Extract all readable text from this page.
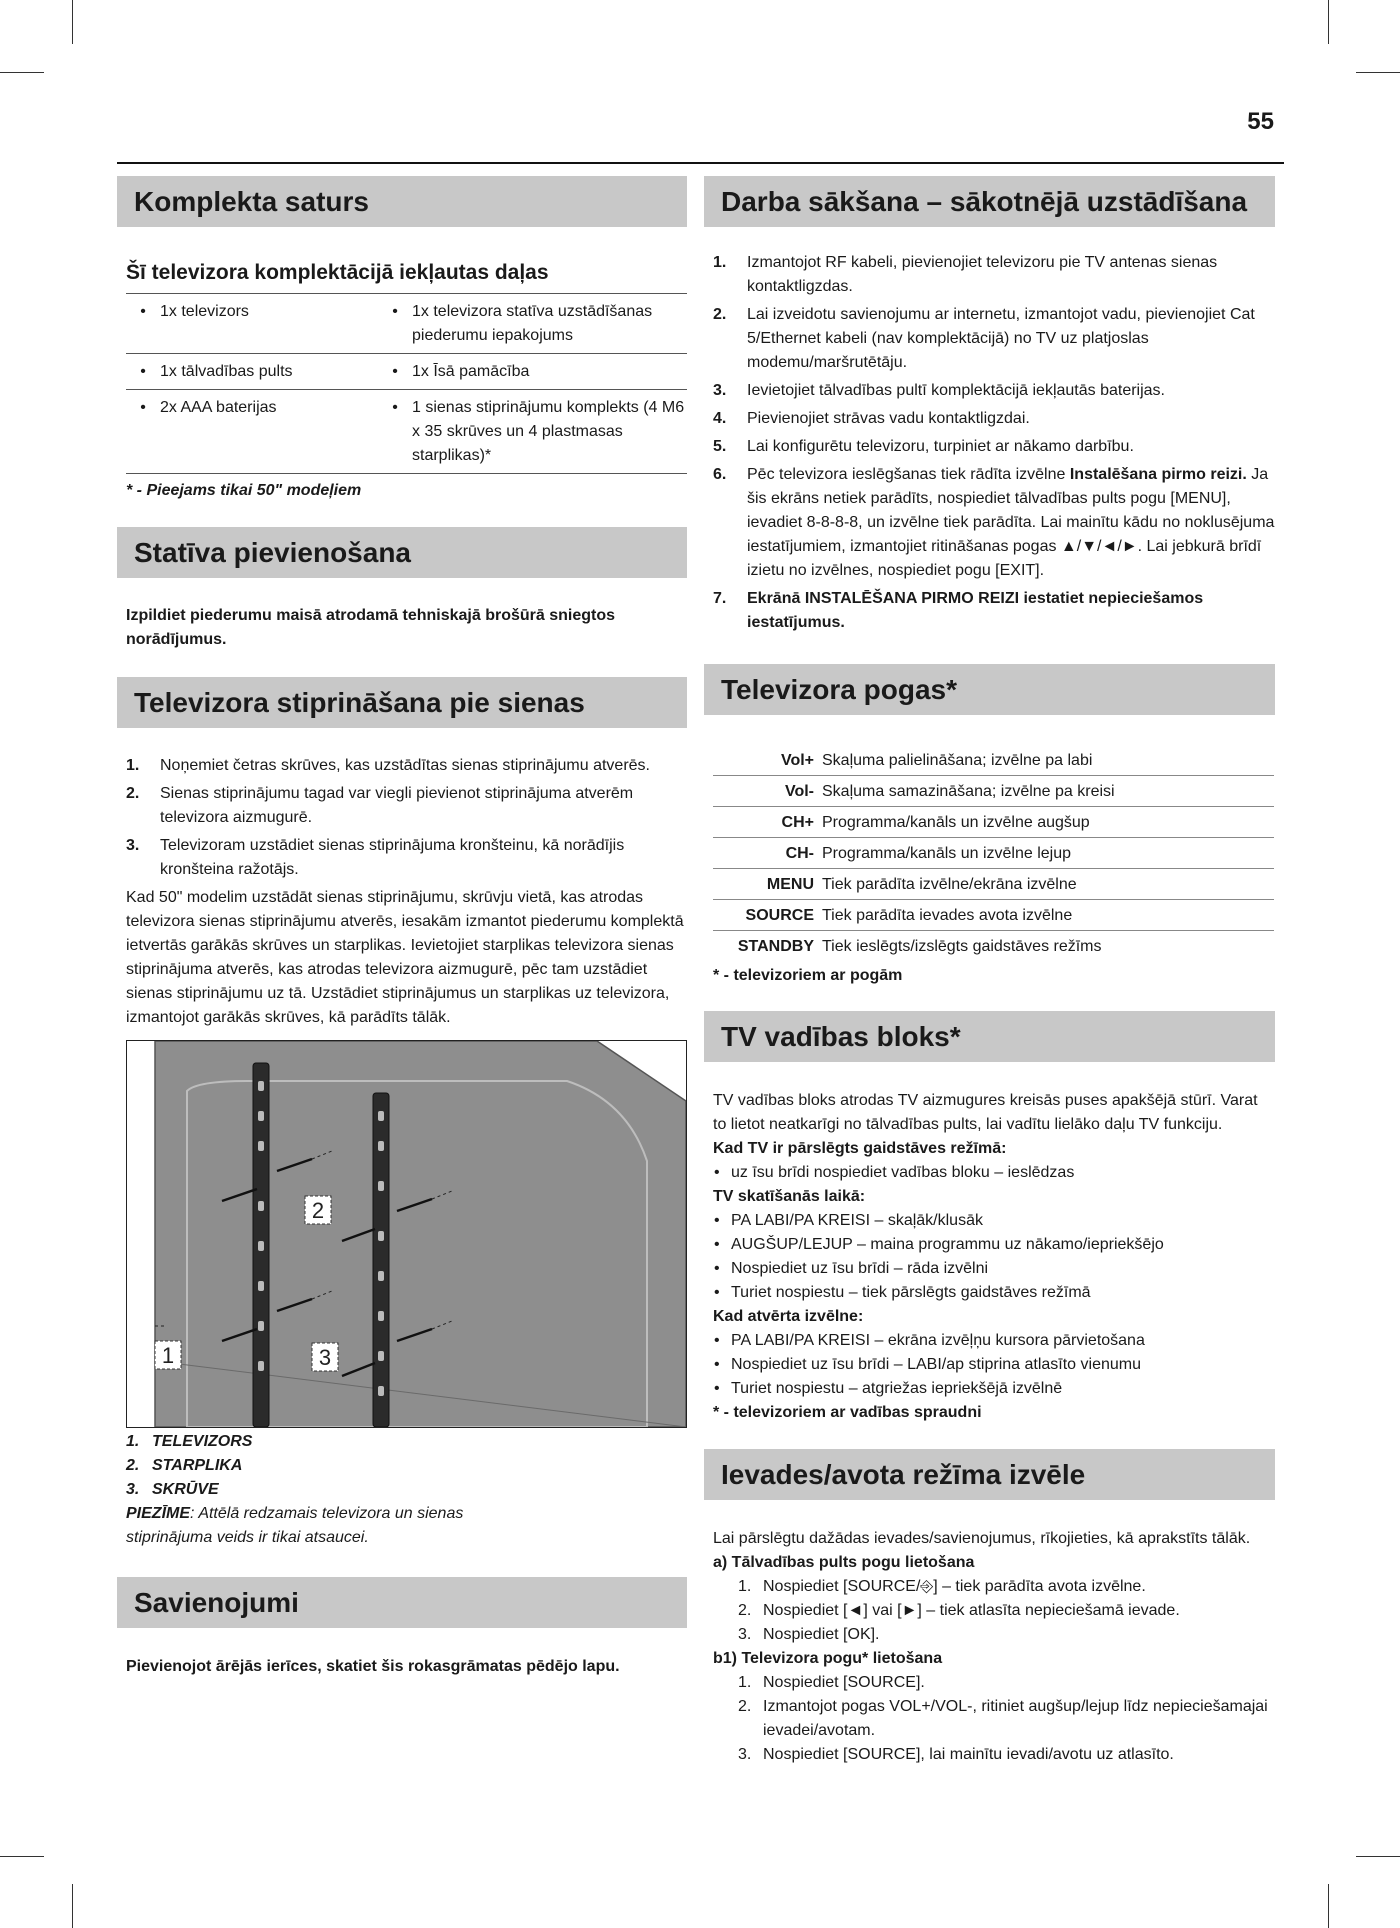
55
Komplekta saturs
Šī televizora komplektācijā iekļautas daļas
•	1x televizors	•	1x televizora statīva uzstādīšanas piederumu iepakojums
•	1x tālvadības pults	•	1x Īsā pamācība
•	2x AAA baterijas	•	1 sienas stiprinājumu komplekts (4 M6 x 35 skrūves un 4 plastmasas starplikas)*
* - Pieejams tikai 50" modeļiem
Statīva pievienošana
Izpildiet piederumu maisā atrodamā tehniskajā brošūrā sniegtos norādījumus.
Televizora stiprināšana pie sienas
1. Noņemiet četras skrūves, kas uzstādītas sienas stiprinājumu atverēs.
2. Sienas stiprinājumu tagad var viegli pievienot stiprinājuma atverēm televizora aizmugurē.
3. Televizoram uzstādiet sienas stiprinājuma kronšteinu, kā norādījis kronšteina ražotājs.
Kad 50" modelim uzstādāt sienas stiprinājumu, skrūvju vietā, kas atrodas televizora sienas stiprinājumu atverēs, iesakām izmantot piederumu komplektā ietvertās garākās skrūves un starplikas. Ievietojiet starplikas televizora sienas stiprinājuma atverēs, kas atrodas televizora aizmugurē, pēc tam uzstādiet sienas stiprinājumu uz tā. Uzstādiet stiprinājumus un starplikas uz televizora, izmantojot garākās skrūves, kā parādīts tālāk.
2
1	3
1. TELEVIZORS
2. STARPLIKA
3. SKRŪVE
PIEZĪME: Attēlā redzamais televizora un sienas
stiprinājuma veids ir tikai atsaucei.
Savienojumi
Pievienojot ārējās ierīces, skatiet šis rokasgrāmatas pēdējo lapu.
Darba sākšana – sākotnējā uzstādīšana
1. Izmantojot RF kabeli, pievienojiet televizoru pie TV antenas sienas kontaktligzdas.
2. Lai izveidotu savienojumu ar internetu, izmantojot vadu, pievienojiet Cat 5/Ethernet kabeli (nav komplektācijā) no TV uz platjoslas modemu/maršrutētāju.
3. Ievietojiet tālvadības pultī komplektācijā iekļautās baterijas.
4. Pievienojiet strāvas vadu kontaktligzdai.
5. Lai konfigurētu televizoru, turpiniet ar nākamo darbību.
6. Pēc televizora ieslēgšanas tiek rādīta izvēlne Instalēšana pirmo reizi. Ja šis ekrāns netiek parādīts, nospiediet tālvadības pults pogu [MENU], ievadiet 8-8-8-8, un izvēlne tiek parādīta. Lai mainītu kādu no noklusējuma iestatījumiem, izmantojiet ritināšanas pogas ▲/▼/◄/►. Lai jebkurā brīdī izietu no izvēlnes, nospiediet pogu [EXIT].
7. Ekrānā INSTALĒŠANA PIRMO REIZI iestatiet nepieciešamos iestatījumus.
Televizora pogas*
Vol+	Skaļuma palielināšana; izvēlne pa labi
Vol-	Skaļuma samazināšana; izvēlne pa kreisi
CH+	Programma/kanāls un izvēlne augšup
CH-	Programma/kanāls un izvēlne lejup
MENU	Tiek parādīta izvēlne/ekrāna izvēlne
SOURCE	Tiek parādīta ievades avota izvēlne
STANDBY	Tiek ieslēgts/izslēgts gaidstāves režīms
* - televizoriem ar pogām
TV vadības bloks*
TV vadības bloks atrodas TV aizmugures kreisās puses apakšējā stūrī. Varat to lietot neatkarīgi no tālvadības pults, lai vadītu lielāko daļu TV funkciju.
Kad TV ir pārslēgts gaidstāves režīmā:
• uz īsu brīdi nospiediet vadības bloku – ieslēdzas
TV skatīšanās laikā:
• PA LABI/PA KREISI – skaļāk/klusāk
• AUGŠUP/LEJUP – maina programmu uz nākamo/iepriekšējo
• Nospiediet uz īsu brīdi – rāda izvēlni
• Turiet nospiestu – tiek pārslēgts gaidstāves režīmā
Kad atvērta izvēlne:
• PA LABI/PA KREISI – ekrāna izvēļņu kursora pārvietošana
• Nospiediet uz īsu brīdi – LABI/ap stiprina atlasīto vienumu
• Turiet nospiestu – atgriežas iepriekšējā izvēlnē
* - televizoriem ar vadības spraudni
Ievades/avota režīma izvēle
Lai pārslēgtu dažādas ievades/savienojumus, rīkojieties, kā aprakstīts tālāk.
a) Tālvadības pults pogu lietošana
1. Nospiediet [SOURCE/⎆] – tiek parādīta avota izvēlne.
2. Nospiediet [◄] vai [►] – tiek atlasīta nepieciešamā ievade.
3. Nospiediet [OK].
b1) Televizora pogu* lietošana
1. Nospiediet [SOURCE].
2. Izmantojot pogas VOL+/VOL-, ritiniet augšup/lejup līdz nepieciešamajai ievadei/avotam.
3. Nospiediet [SOURCE], lai mainītu ievadi/avotu uz atlasīto.
